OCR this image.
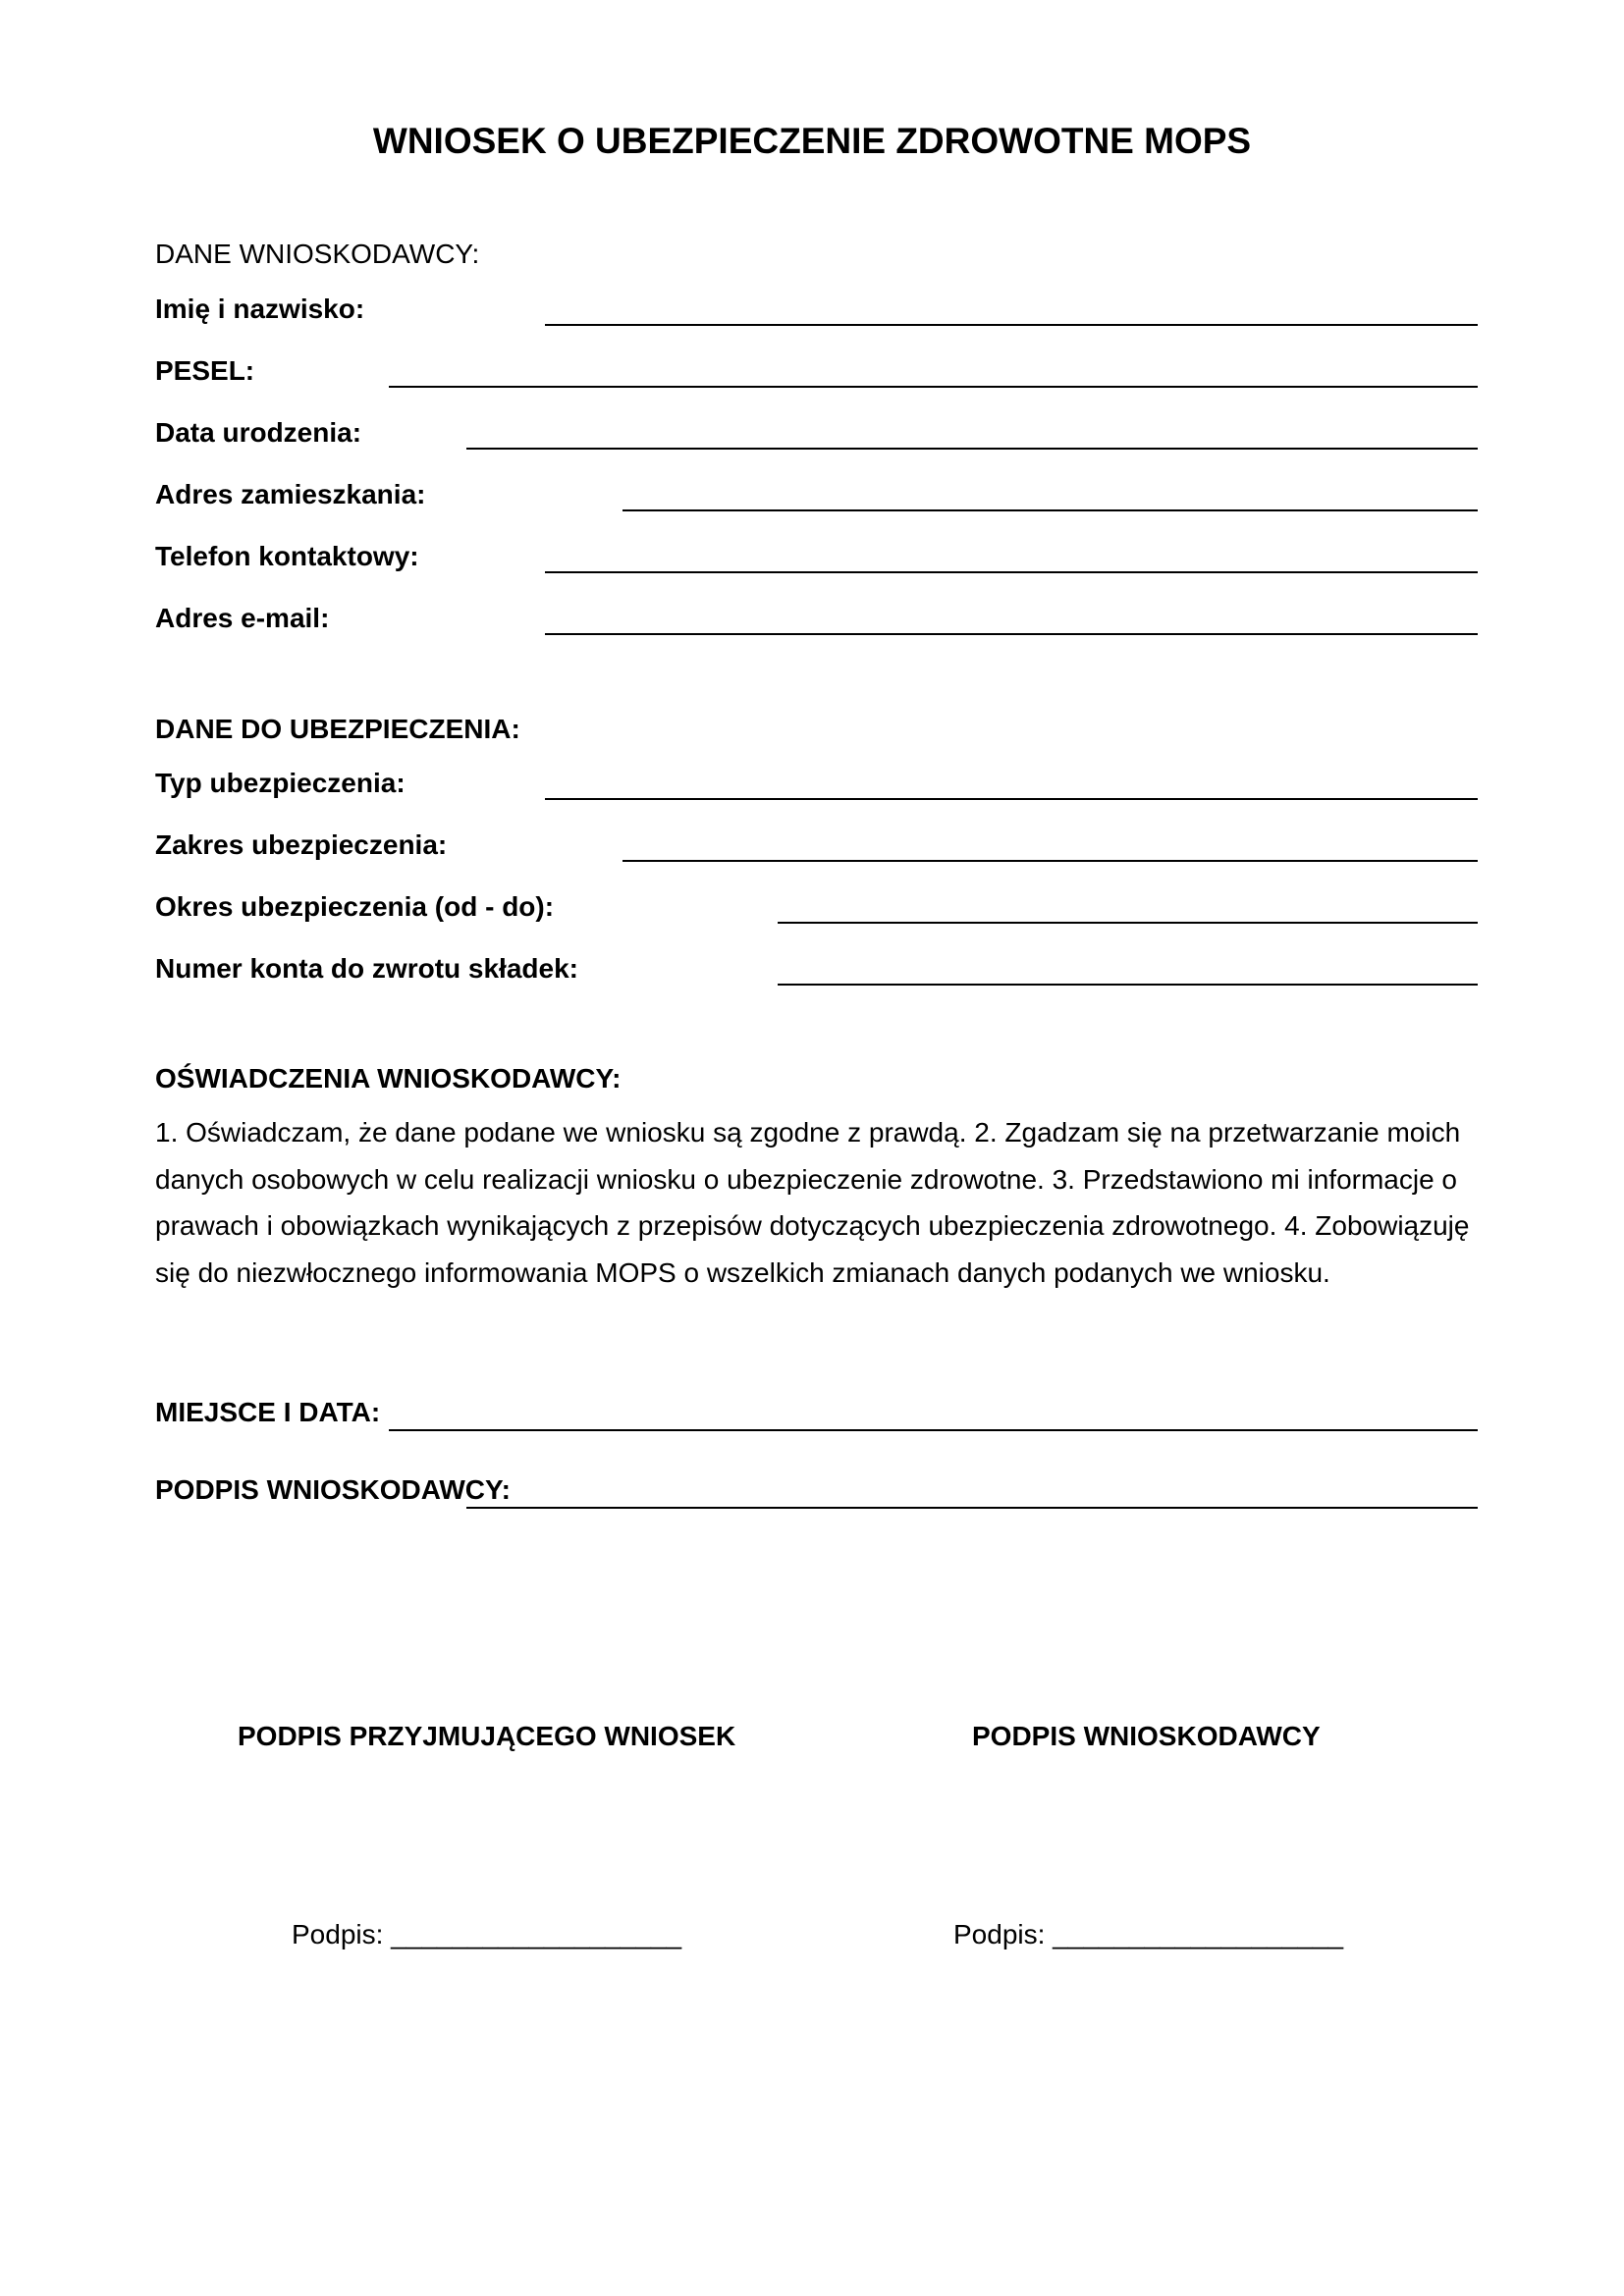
WNIOSEK O UBEZPIECZENIE ZDROWOTNE MOPS
DANE WNIOSKODAWCY:
Imię i nazwisko:
PESEL:
Data urodzenia:
Adres zamieszkania:
Telefon kontaktowy:
Adres e-mail:
DANE DO UBEZPIECZENIA:
Typ ubezpieczenia:
Zakres ubezpieczenia:
Okres ubezpieczenia (od - do):
Numer konta do zwrotu składek:
OŚWIADCZENIA WNIOSKODAWCY:
1. Oświadczam, że dane podane we wniosku są zgodne z prawdą. 2. Zgadzam się na przetwarzanie moich danych osobowych w celu realizacji wniosku o ubezpieczenie zdrowotne. 3. Przedstawiono mi informacje o prawach i obowiązkach wynikających z przepisów dotyczących ubezpieczenia zdrowotnego. 4. Zobowiązuję się do niezwłocznego informowania MOPS o wszelkich zmianach danych podanych we wniosku.
MIEJSCE I DATA:
PODPIS WNIOSKODAWCY:
PODPIS PRZYJMUJĄCEGO WNIOSEK	PODPIS WNIOSKODAWCY
Podpis: ___________________	Podpis: ___________________
